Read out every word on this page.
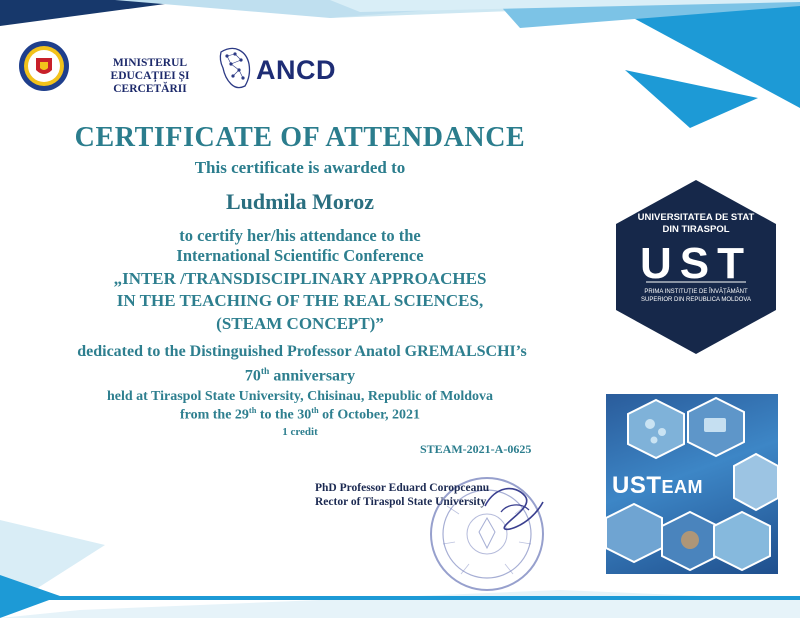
MINISTERUL
EDUCAȚIEI ȘI CERCETĂRII
ANCD
CERTIFICATE OF ATTENDANCE
This certificate is awarded to
Ludmila Moroz
to certify her/his attendance to the
International Scientific Conference
„INTER /TRANSDISCIPLINARY APPROACHES
IN THE TEACHING OF THE REAL SCIENCES,
(STEAM CONCEPT)”
dedicated to the Distinguished Professor Anatol GREMALSCHI’s
70th anniversary
held at Tiraspol State University, Chisinau, Republic of Moldova
from the 29th to the 30th of October, 2021
1 credit
STEAM-2021-A-0625
PhD Professor Eduard Coropceanu
Rector of Tiraspol State University
UNIVERSITATEA DE STAT
DIN TIRASPOL
UST
PRIMA INSTITUȚIE DE ÎNVĂȚĂMÂNT
SUPERIOR DIN REPUBLICA MOLDOVA
USTEAM
